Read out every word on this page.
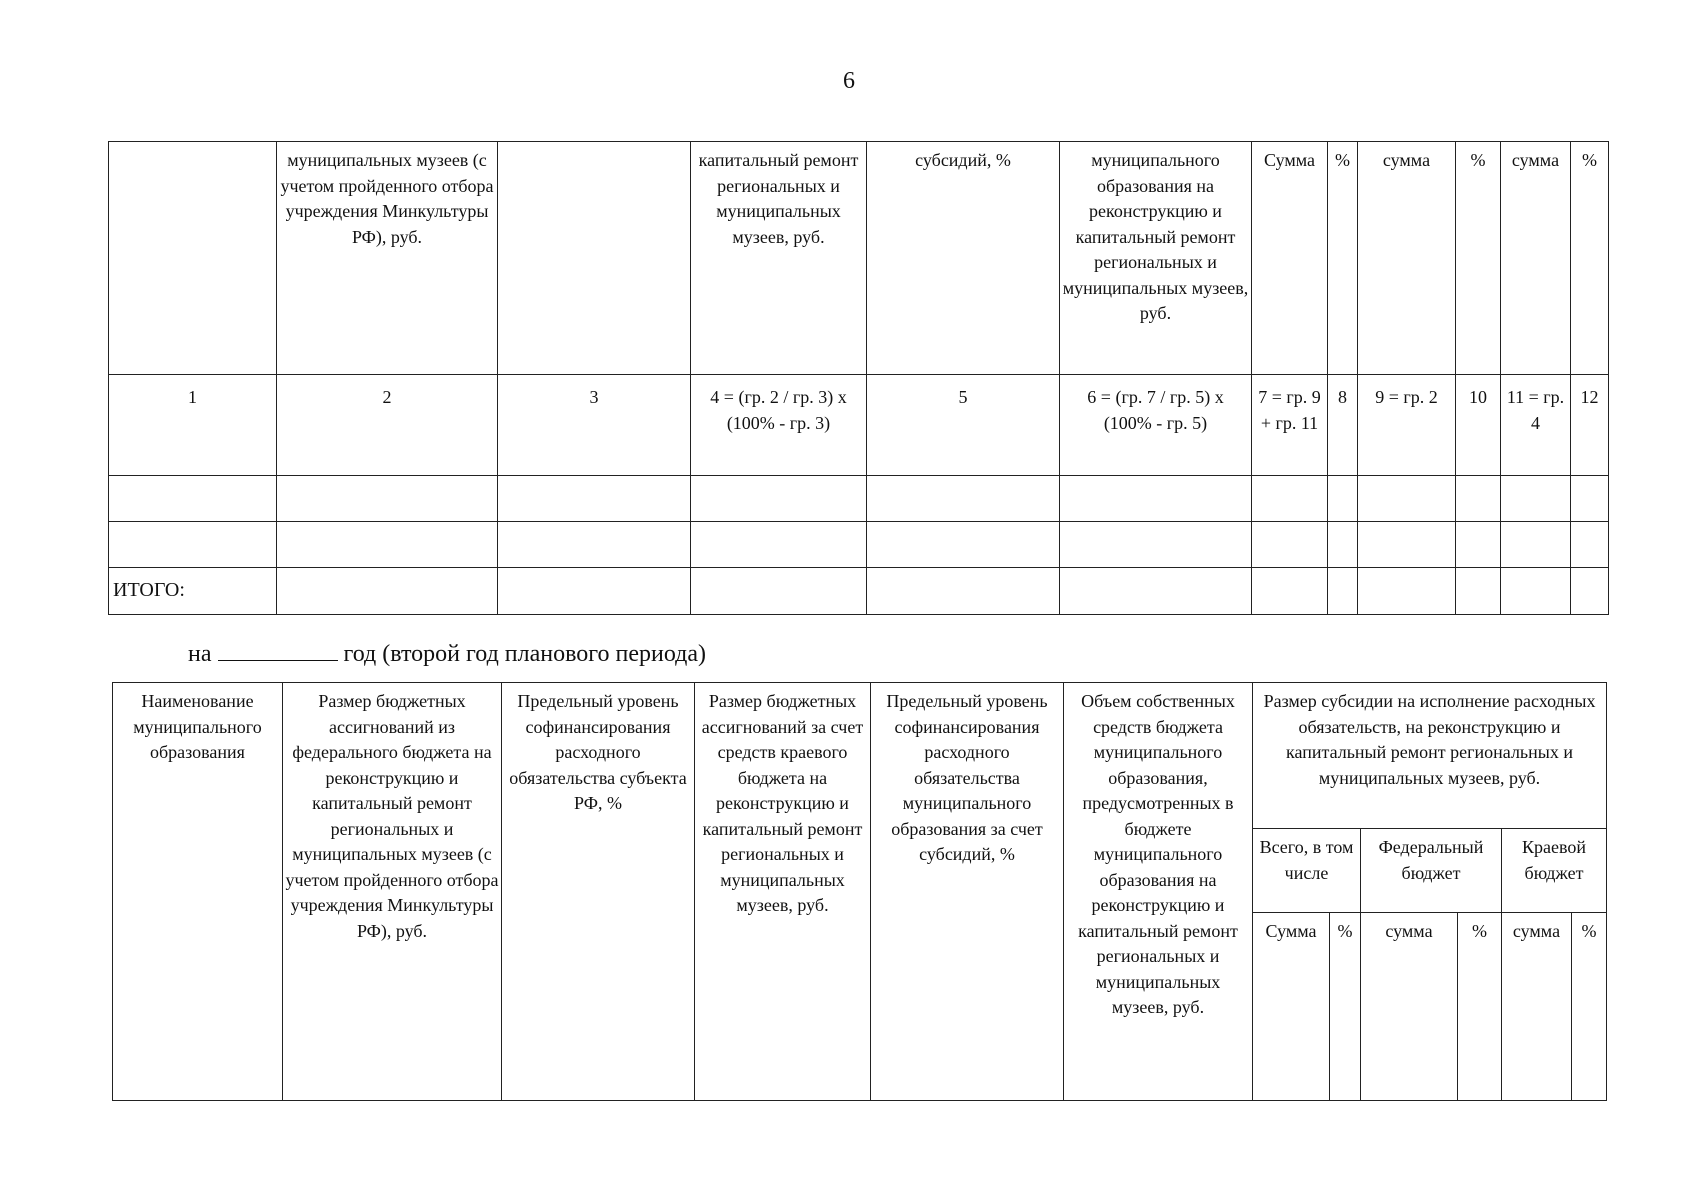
6
	муниципальных музеев (с учетом пройденного отбора учреждения Минкультуры РФ), руб.		капитальный ремонт региональных и муниципальных музеев, руб.	субсидий, %	муниципального образования на реконструкцию и капитальный ремонт региональных и муниципальных музеев, руб.	Сумма	%	сумма	%	сумма	%
1	2	3	4 = (гр. 2 / гр. 3) х (100% - гр. 3)	5	6 = (гр. 7 / гр. 5) х (100% - гр. 5)	7 = гр. 9 + гр. 11	8	9 = гр. 2	10	11 = гр. 4	12

ИТОГО:											
на	год (второй год планового периода)
Наименование муниципального образования	Размер бюджетных ассигнований из федерального бюджета на реконструкцию и капитальный ремонт региональных и муниципальных музеев (с учетом пройденного отбора учреждения Минкультуры РФ), руб.	Предельный уровень софинансирования расходного обязательства субъекта РФ, %	Размер бюджетных ассигнований за счет средств краевого бюджета на реконструкцию и капитальный ремонт региональных и муниципальных музеев, руб.	Предельный уровень софинансирования расходного обязательства муниципального образования за счет субсидий, %	Объем собственных средств бюджета муниципального образования, предусмотренных в бюджете муниципального образования на реконструкцию и капитальный ремонт региональных и муниципальных музеев, руб.	Размер субсидии на исполнение расходных обязательств, на реконструкцию и капитальный ремонт региональных и муниципальных музеев, руб.					
						Всего, в том числе		Федеральный бюджет		Краевой бюджет	
						Сумма	%	сумма	%	сумма	%
